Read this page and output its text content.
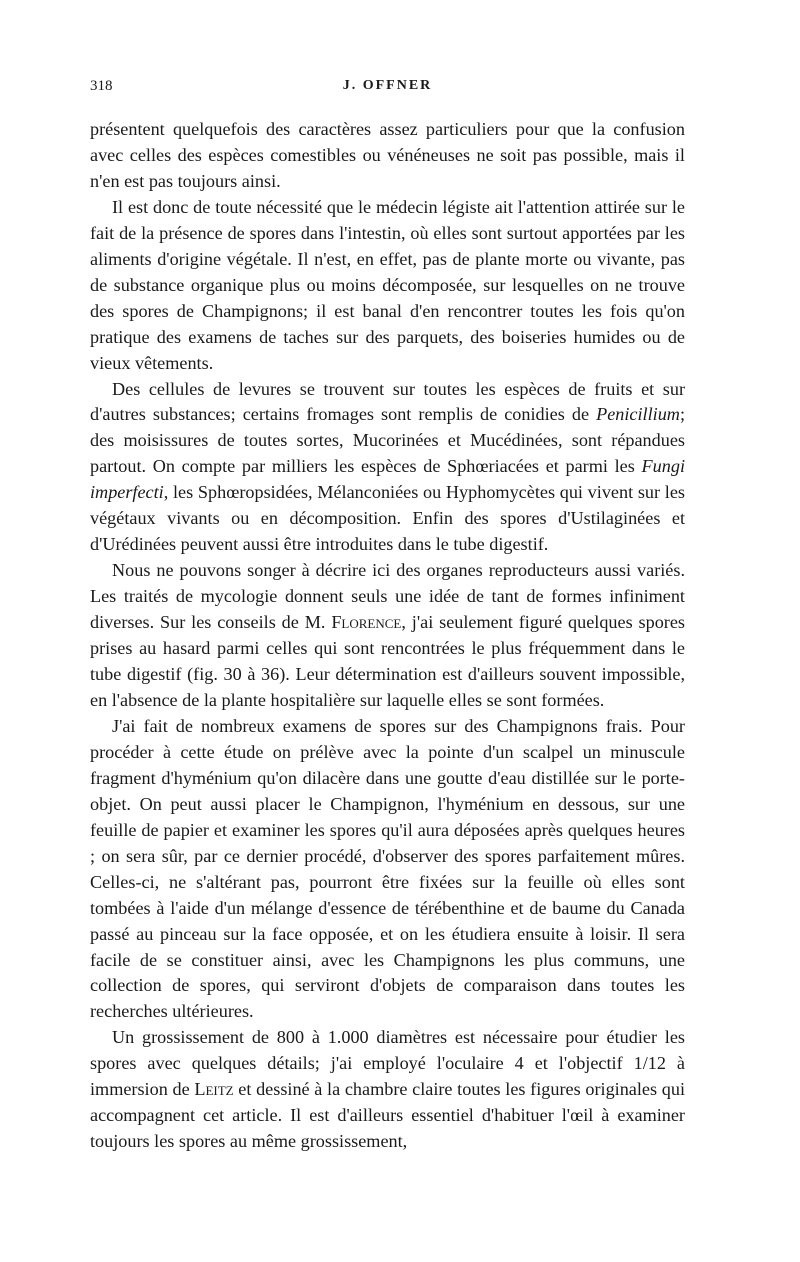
318	J. OFFNER

présentent quelquefois des caractères assez particuliers pour que la confusion avec celles des espèces comestibles ou vénéneuses ne soit pas possible, mais il n'en est pas toujours ainsi.

Il est donc de toute nécessité que le médecin légiste ait l'attention attirée sur le fait de la présence de spores dans l'intestin, où elles sont surtout apportées par les aliments d'origine végétale. Il n'est, en effet, pas de plante morte ou vivante, pas de substance organique plus ou moins décomposée, sur lesquelles on ne trouve des spores de Champignons; il est banal d'en rencontrer toutes les fois qu'on pratique des examens de taches sur des parquets, des boiseries humides ou de vieux vêtements.

Des cellules de levures se trouvent sur toutes les espèces de fruits et sur d'autres substances; certains fromages sont remplis de conidies de Penicillium; des moisissures de toutes sortes, Mucorinées et Mucédinées, sont répandues partout. On compte par milliers les espèces de Sphœriacées et parmi les Fungi imperfecti, les Sphœropsidées, Mélanconiées ou Hyphomycètes qui vivent sur les végétaux vivants ou en décomposition. Enfin des spores d'Ustilaginées et d'Urédinées peuvent aussi être introduites dans le tube digestif.

Nous ne pouvons songer à décrire ici des organes reproducteurs aussi variés. Les traités de mycologie donnent seuls une idée de tant de formes infiniment diverses. Sur les conseils de M. Florence, j'ai seulement figuré quelques spores prises au hasard parmi celles qui sont rencontrées le plus fréquemment dans le tube digestif (fig. 30 à 36). Leur détermination est d'ailleurs souvent impossible, en l'absence de la plante hospitalière sur laquelle elles se sont formées.

J'ai fait de nombreux examens de spores sur des Champignons frais. Pour procéder à cette étude on prélève avec la pointe d'un scalpel un minuscule fragment d'hyménium qu'on dilacère dans une goutte d'eau distillée sur le porte-objet. On peut aussi placer le Champignon, l'hyménium en dessous, sur une feuille de papier et examiner les spores qu'il aura déposées après quelques heures ; on sera sûr, par ce dernier procédé, d'observer des spores parfaitement mûres. Celles-ci, ne s'altérant pas, pourront être fixées sur la feuille où elles sont tombées à l'aide d'un mélange d'essence de térébenthine et de baume du Canada passé au pinceau sur la face opposée, et on les étudiera ensuite à loisir. Il sera facile de se constituer ainsi, avec les Champignons les plus communs, une collection de spores, qui serviront d'objets de comparaison dans toutes les recherches ultérieures.

Un grossissement de 800 à 1.000 diamètres est nécessaire pour étudier les spores avec quelques détails; j'ai employé l'oculaire 4 et l'objectif 1/12 à immersion de Leitz et dessiné à la chambre claire toutes les figures originales qui accompagnent cet article. Il est d'ailleurs essentiel d'habituer l'œil à examiner toujours les spores au même grossissement,
